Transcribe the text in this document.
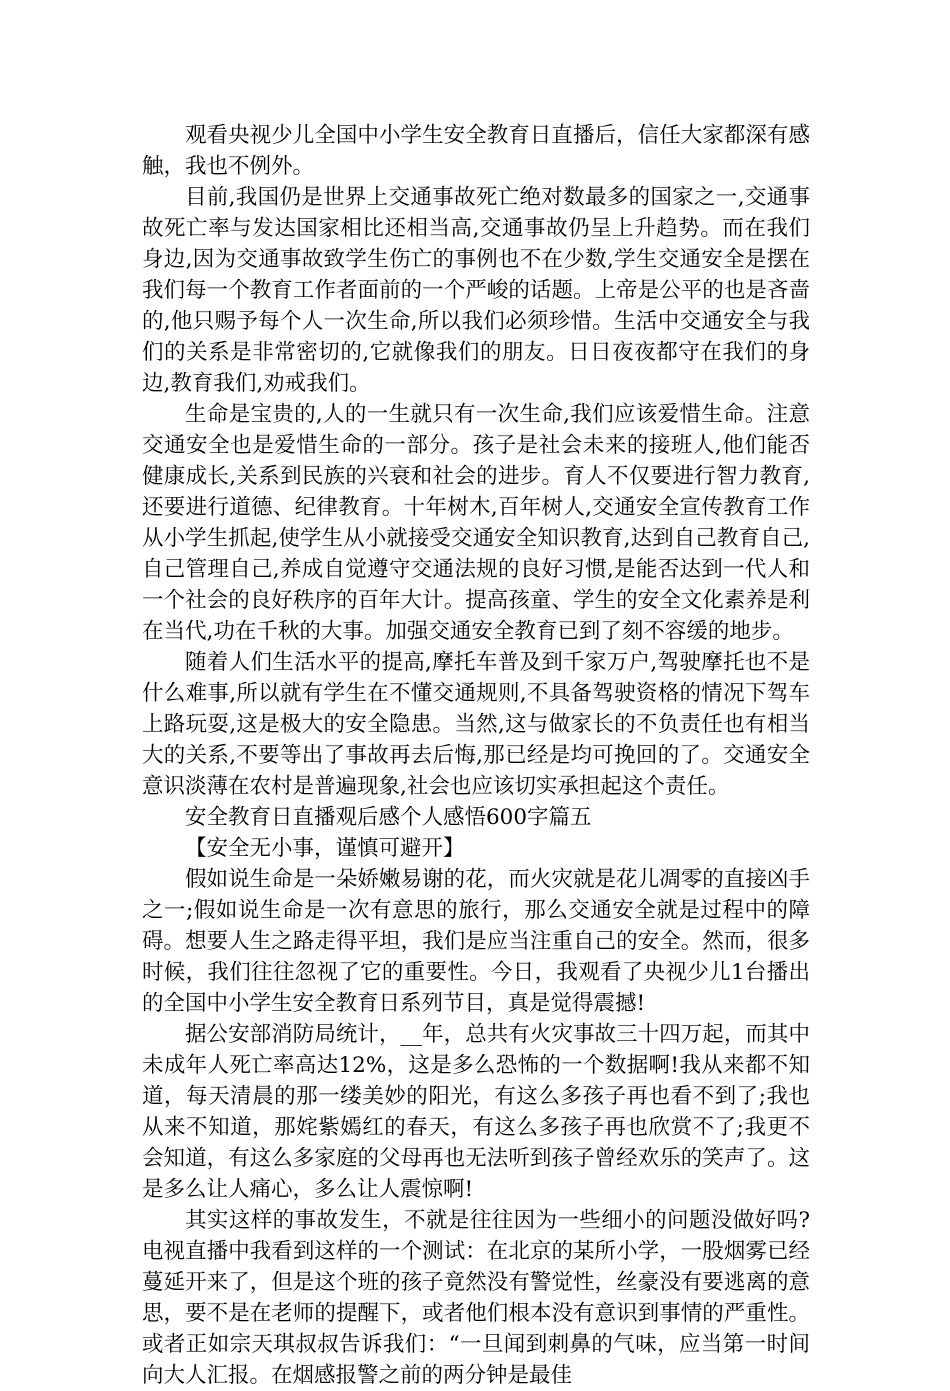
观看央视少儿全国中小学生安全教育日直播后，信任大家都深有感触，我也不例外。

目前,我国仍是世界上交通事故死亡绝对数最多的国家之一,交通事故死亡率与发达国家相比还相当高,交通事故仍呈上升趋势。而在我们身边,因为交通事故致学生伤亡的事例也不在少数,学生交通安全是摆在我们每一个教育工作者面前的一个严峻的话题。上帝是公平的也是吝啬的,他只赐予每个人一次生命,所以我们必须珍惜。生活中交通安全与我们的关系是非常密切的,它就像我们的朋友。日日夜夜都守在我们的身边,教育我们,劝戒我们。

生命是宝贵的,人的一生就只有一次生命,我们应该爱惜生命。注意交通安全也是爱惜生命的一部分。孩子是社会未来的接班人,他们能否健康成长,关系到民族的兴衰和社会的进步。育人不仅要进行智力教育,还要进行道德、纪律教育。十年树木,百年树人,交通安全宣传教育工作从小学生抓起,使学生从小就接受交通安全知识教育,达到自己教育自己,自己管理自己,养成自觉遵守交通法规的良好习惯,是能否达到一代人和一个社会的良好秩序的百年大计。提高孩童、学生的安全文化素养是利在当代,功在千秋的大事。加强交通安全教育已到了刻不容缓的地步。

随着人们生活水平的提高,摩托车普及到千家万户,驾驶摩托也不是什么难事,所以就有学生在不懂交通规则,不具备驾驶资格的情况下驾车上路玩耍,这是极大的安全隐患。当然,这与做家长的不负责任也有相当大的关系,不要等出了事故再去后悔,那已经是均可挽回的了。交通安全意识淡薄在农村是普遍现象,社会也应该切实承担起这个责任。

安全教育日直播观后感个人感悟600字篇五

【安全无小事，谨慎可避开】

假如说生命是一朵娇嫩易谢的花，而火灾就是花儿凋零的直接凶手之一;假如说生命是一次有意思的旅行，那么交通安全就是过程中的障碍。想要人生之路走得平坦，我们是应当注重自己的安全。然而，很多时候，我们往往忽视了它的重要性。今日，我观看了央视少儿1台播出的全国中小学生安全教育日系列节目，真是觉得震撼!

据公安部消防局统计，__年，总共有火灾事故三十四万起，而其中未成年人死亡率高达12%，这是多么恐怖的一个数据啊!我从来都不知道，每天清晨的那一缕美妙的阳光，有这么多孩子再也看不到了;我也从来不知道，那姹紫嫣红的春天，有这么多孩子再也欣赏不了;我更不会知道，有这么多家庭的父母再也无法听到孩子曾经欢乐的笑声了。这是多么让人痛心，多么让人震惊啊!

其实这样的事故发生，不就是往往因为一些细小的问题没做好吗?电视直播中我看到这样的一个测试：在北京的某所小学，一股烟雾已经蔓延开来了，但是这个班的孩子竟然没有警觉性，丝豪没有要逃离的意思，要不是在老师的提醒下，或者他们根本没有意识到事情的严重性。或者正如宗天琪叔叔告诉我们：“一旦闻到刺鼻的气味，应当第一时间向大人汇报。在烟感报警之前的两分钟是最佳
